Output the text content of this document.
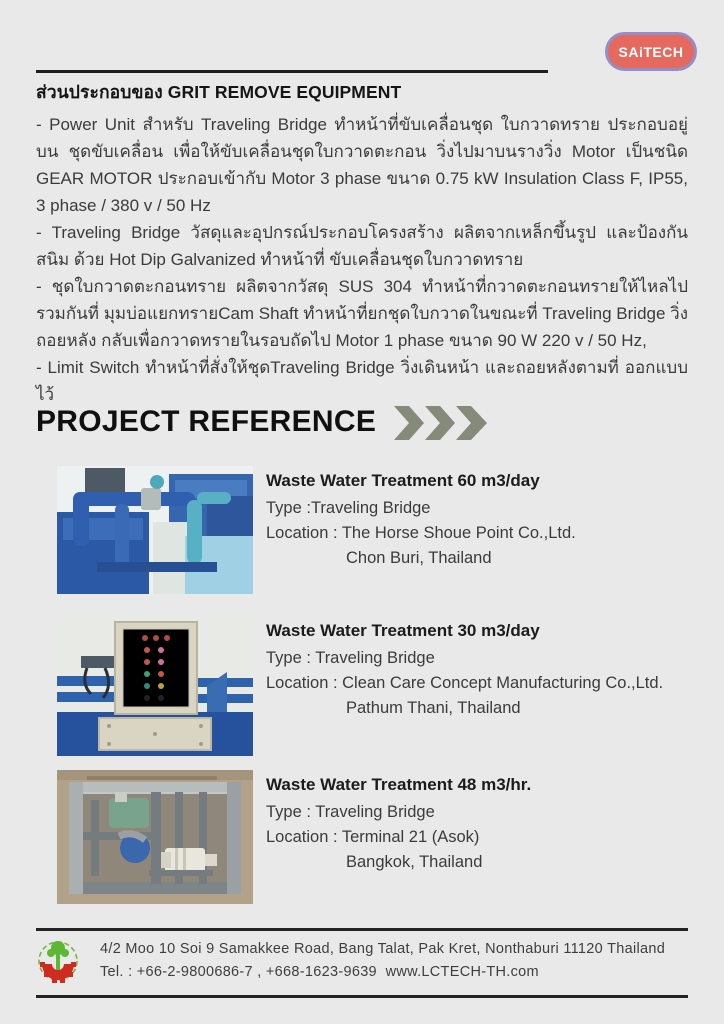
SAiTECH
ส่วนประกอบของ GRIT REMOVE EQUIPMENT

- Power Unit สำหรับ Traveling Bridge ทำหน้าที่ขับเคลื่อนชุด ใบกวาดทราย ประกอบอยู่บน ชุดขับเคลื่อน เพื่อให้ขับเคลื่อนชุดใบกวาดตะกอน วิ่งไปมาบนรางวิ่ง Motor เป็นชนิด GEAR MOTOR ประกอบเข้ากับ Motor 3 phase ขนาด 0.75 kW Insulation Class F, IP55, 3 phase / 380 v / 50 Hz

- Traveling Bridge วัสดุและอุปกรณ์ประกอบโครงสร้าง ผลิตจากเหล็กขึ้นรูป และป้องกัน สนิม ด้วย Hot Dip Galvanized ทำหน้าที่ ขับเคลื่อนชุดใบกวาดทราย

- ชุดใบกวาดตะกอนทราย ผลิตจากวัสดุ SUS 304 ทำหน้าที่กวาดตะกอนทรายให้ไหลไป รวมกันที่ มุมบ่อแยกทรายCam Shaft ทำหน้าที่ยกชุดใบกวาดในขณะที่ Traveling Bridge วิ่ง ถอยหลัง กลับเพื่อกวาดทรายในรอบถัดไป Motor 1 phase ขนาด 90 W 220 v / 50 Hz,

- Limit Switch ทำหน้าที่สั่งให้ชุดTraveling Bridge วิ่งเดินหน้า และถอยหลังตามที่ ออกแบบไว้

PROJECT REFERENCE
Waste Water Treatment 60 m3/day
Type :Traveling Bridge
Location : The Horse Shoue Point Co.,Ltd.
Chon Buri, Thailand
Waste Water Treatment 30 m3/day
Type : Traveling Bridge
Location : Clean Care Concept Manufacturing Co.,Ltd.
Pathum Thani, Thailand
Waste Water Treatment 48 m3/hr.
Type : Traveling Bridge
Location : Terminal 21 (Asok)
Bangkok, Thailand
4/2 Moo 10 Soi 9 Samakkee Road, Bang Talat, Pak Kret, Nonthaburi 11120 Thailand
Tel. : +66-2-9800686-7 , +668-1623-9639  www.LCTECH-TH.com
